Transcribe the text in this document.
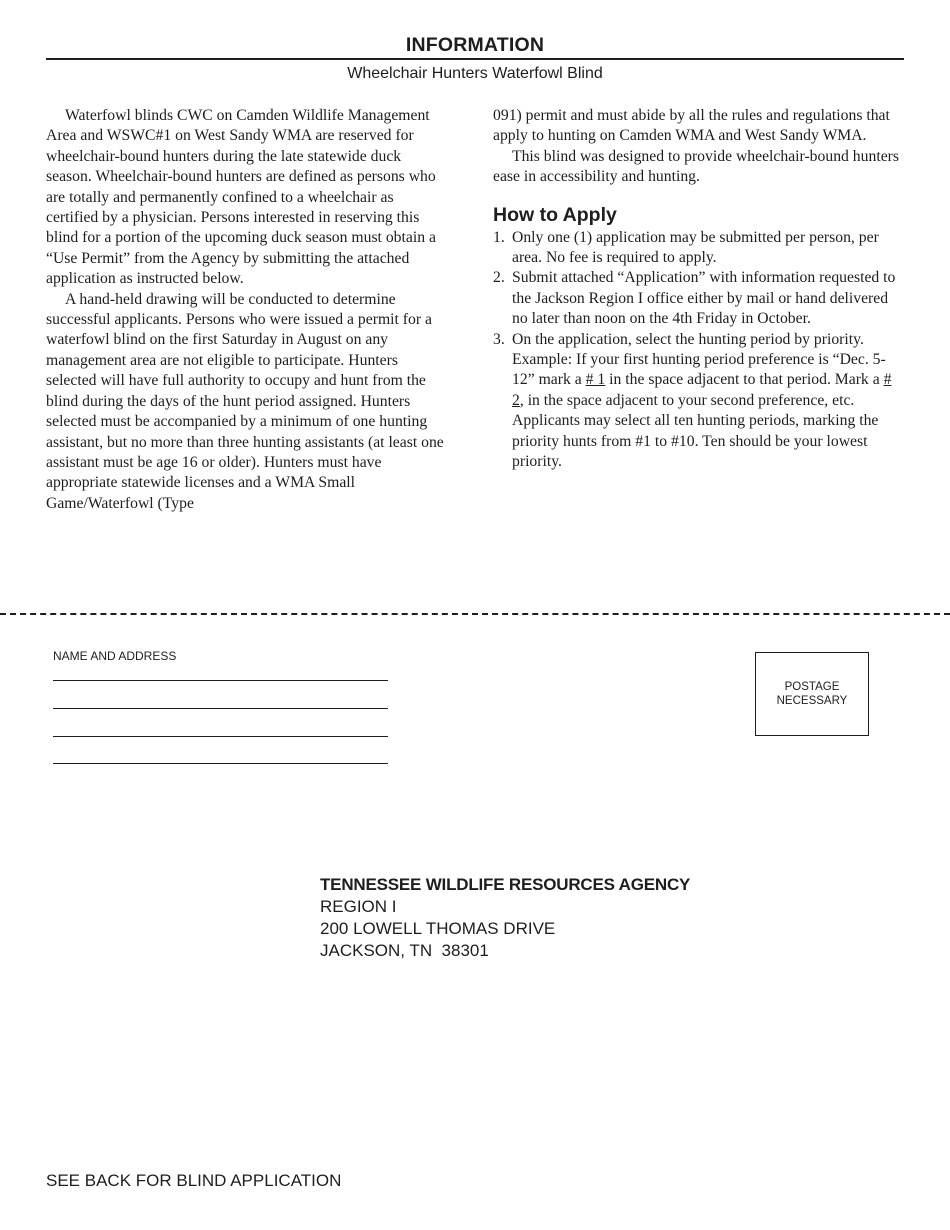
INFORMATION
Wheelchair Hunters Waterfowl Blind

Waterfowl blinds CWC on Camden Wildlife Management Area and WSWC#1 on West Sandy WMA are reserved for wheelchair-bound hunters during the late statewide duck season. Wheelchair-bound hunters are defined as persons who are totally and permanently confined to a wheelchair as certified by a physician. Persons interested in reserving this blind for a portion of the upcoming duck season must obtain a “Use Permit” from the Agency by submitting the attached application as instructed below.

A hand-held drawing will be conducted to determine successful applicants. Persons who were issued a permit for a waterfowl blind on the first Saturday in August on any management area are not eligible to participate. Hunters selected will have full authority to occupy and hunt from the blind during the days of the hunt period assigned. Hunters selected must be accompanied by a minimum of one hunting assistant, but no more than three hunting assistants (at least one assistant must be age 16 or older). Hunters must have appropriate statewide licenses and a WMA Small Game/Waterfowl (Type

091) permit and must abide by all the rules and regulations that apply to hunting on Camden WMA and West Sandy WMA.

This blind was designed to provide wheelchair-bound hunters ease in accessibility and hunting.

How to Apply
1. Only one (1) application may be submitted per person, per area. No fee is required to apply.
2. Submit attached “Application” with information requested to the Jackson Region I office either by mail or hand delivered no later than noon on the 4th Friday in October.
3. On the application, select the hunting period by priority. Example: If your first hunting period preference is “Dec. 5-12” mark a # 1 in the space adjacent to that period. Mark a # 2, in the space adjacent to your second preference, etc. Applicants may select all ten hunting periods, marking the priority hunts from #1 to #10. Ten should be your lowest priority.
NAME AND ADDRESS
POSTAGE
NECESSARY
TENNESSEE WILDLIFE RESOURCES AGENCY
REGION I
200 LOWELL THOMAS DRIVE
JACKSON, TN  38301
SEE BACK FOR BLIND APPLICATION
